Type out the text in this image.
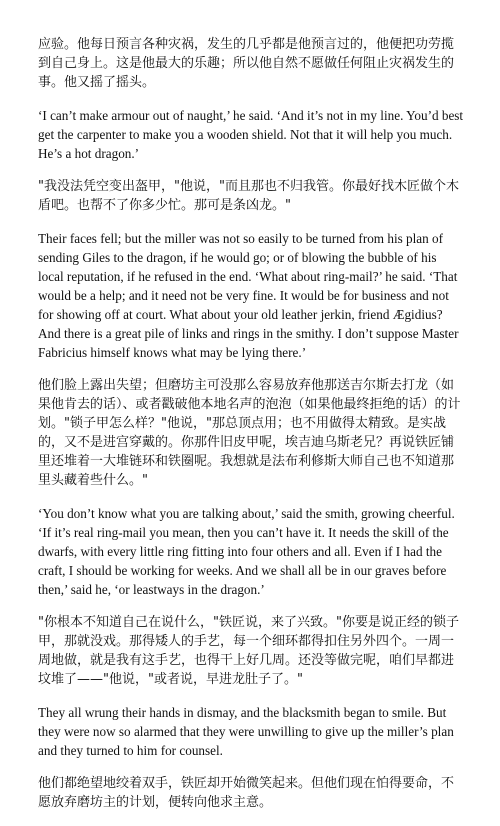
应验。他每日预言各种灾祸，发生的几乎都是他预言过的，他便把功劳揽到自己身上。这是他最大的乐趣；所以他自然不愿做任何阻止灾祸发生的事。他又摇了摇头。

‘I can’t make armour out of naught,’ he said. ‘And it’s not in my line. You’d best get the carpenter to make you a wooden shield. Not that it will help you much. He’s a hot dragon.’

"我没法凭空变出盔甲，"他说，"而且那也不归我管。你最好找木匠做个木盾吧。也帮不了你多少忙。那可是条凶龙。"

Their faces fell; but the miller was not so easily to be turned from his plan of sending Giles to the dragon, if he would go; or of blowing the bubble of his local reputation, if he refused in the end. ‘What about ring-mail?’ he said. ‘That would be a help; and it need not be very fine. It would be for business and not for showing off at court. What about your old leather jerkin, friend Ægidius? And there is a great pile of links and rings in the smithy. I don’t suppose Master Fabricius himself knows what may be lying there.’

他们脸上露出失望；但磨坊主可没那么容易放弃他那送吉尔斯去打龙（如果他肯去的话）、或者戳破他本地名声的泡泡（如果他最终拒绝的话）的计划。"锁子甲怎么样？"他说，"那总顶点用；也不用做得太精致。是实战的，又不是进宫穿戴的。你那件旧皮甲呢，埃吉迪乌斯老兄？再说铁匠铺里还堆着一大堆链环和铁圈呢。我想就是法布利修斯大师自己也不知道那里头藏着些什么。"

‘You don’t know what you are talking about,’ said the smith, growing cheerful. ‘If it’s real ring-mail you mean, then you can’t have it. It needs the skill of the dwarfs, with every little ring fitting into four others and all. Even if I had the craft, I should be working for weeks. And we shall all be in our graves before then,’ said he, ‘or leastways in the dragon.’

"你根本不知道自己在说什么，"铁匠说，来了兴致。"你要是说正经的锁子甲，那就没戏。那得矮人的手艺，每一个细环都得扣住另外四个。一周一周地做，就是我有这手艺，也得干上好几周。还没等做完呢，咱们早都进坟堆了——"他说，"或者说，早进龙肚子了。"

They all wrung their hands in dismay, and the blacksmith began to smile. But they were now so alarmed that they were unwilling to give up the miller’s plan and they turned to him for counsel.

他们都绝望地绞着双手，铁匠却开始微笑起来。但他们现在怕得要命，不愿放弃磨坊主的计划，便转向他求主意。
